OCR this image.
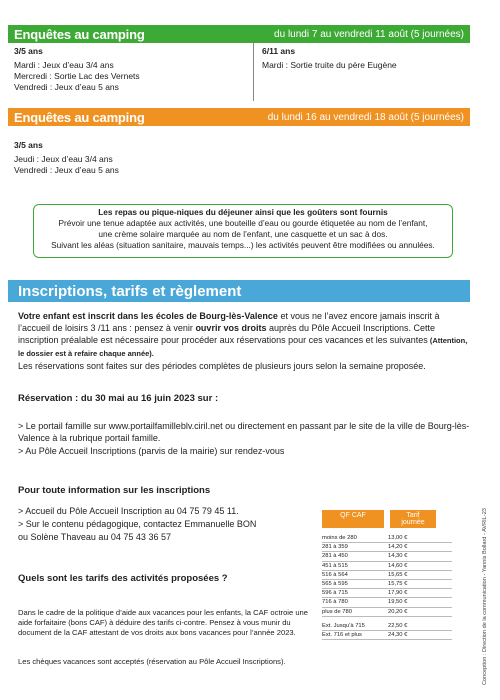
Enquêtes au camping	du lundi 7 au vendredi 11 août (5 journées)
3/5 ans
Mardi : Jeux d’eau 3/4 ans
Mercredi : Sortie Lac des Vernets
Vendredi : Jeux d’eau 5 ans
6/11 ans
Mardi : Sortie truite du père Eugène
Enquêtes au camping	du lundi 16 au vendredi 18 août (5 journées)
3/5 ans
Jeudi : Jeux d’eau 3/4 ans
Vendredi : Jeux d’eau 5 ans
Les repas ou pique-niques du déjeuner ainsi que les goûters sont fournis
Prévoir une tenue adaptée aux activités, une bouteille d’eau ou gourde étiquetée au nom de l’enfant,
une crème solaire marquée au nom de l’enfant, une casquette et un sac à dos.
Suivant les aléas (situation sanitaire, mauvais temps...) les activités peuvent être modifiées ou annulées.
Inscriptions, tarifs et règlement
Votre enfant est inscrit dans les écoles de Bourg-lès-Valence et vous ne l’avez encore jamais inscrit à l’accueil de loisirs 3 /11 ans : pensez à venir ouvrir vos droits auprès du Pôle Accueil Inscriptions. Cette inscription préalable est nécessaire pour procéder aux réservations pour ces vacances et les suivantes (Attention, le dossier est à refaire chaque année).
Les réservations sont faites sur des périodes complètes de plusieurs jours selon la semaine proposée.
Réservation : du 30 mai au 16 juin 2023 sur :
> Le portail famille sur www.portailfamilleblv.ciril.net ou directement en passant par le site de la ville de Bourg-lès-Valence à la rubrique portail famille.
> Au Pôle Accueil Inscriptions (parvis de la mairie) sur rendez-vous
Pour toute information sur les inscriptions
> Accueil du Pôle Accueil Inscription au 04 75 79 45 11.
> Sur le contenu pédagogique, contactez Emmanuelle BON
ou Solène Thaveau au 04 75 43 36 57
Quels sont les tarifs des activités proposées ?
Dans le cadre de la politique d’aide aux vacances pour les enfants, la CAF octroie une aide forfaitaire (bons CAF) à déduire des tarifs ci-contre. Pensez à vous munir du document de la CAF attestant de vos droits aux bons vacances pour l’année 2023.
Les chèques vacances sont acceptés (réservation au Pôle Accueil Inscriptions).
QF CAF	Tarif journée
moins de 280	13,00 €
281 à 359	14,20 €
281 à 450	14,30 €
451 à 515	14,60 €
516 à 564	15,65 €
565 à 595	15,75 €
596 à 715	17,90 €
716 à 780	19,50 €
plus de 780	20,20 €
Ext. Jusqu’à 715	22,50 €
Ext. 716 et plus	24,30 €	Conception : Direction de la communication - Yannis Bollard - AVRIL-23
